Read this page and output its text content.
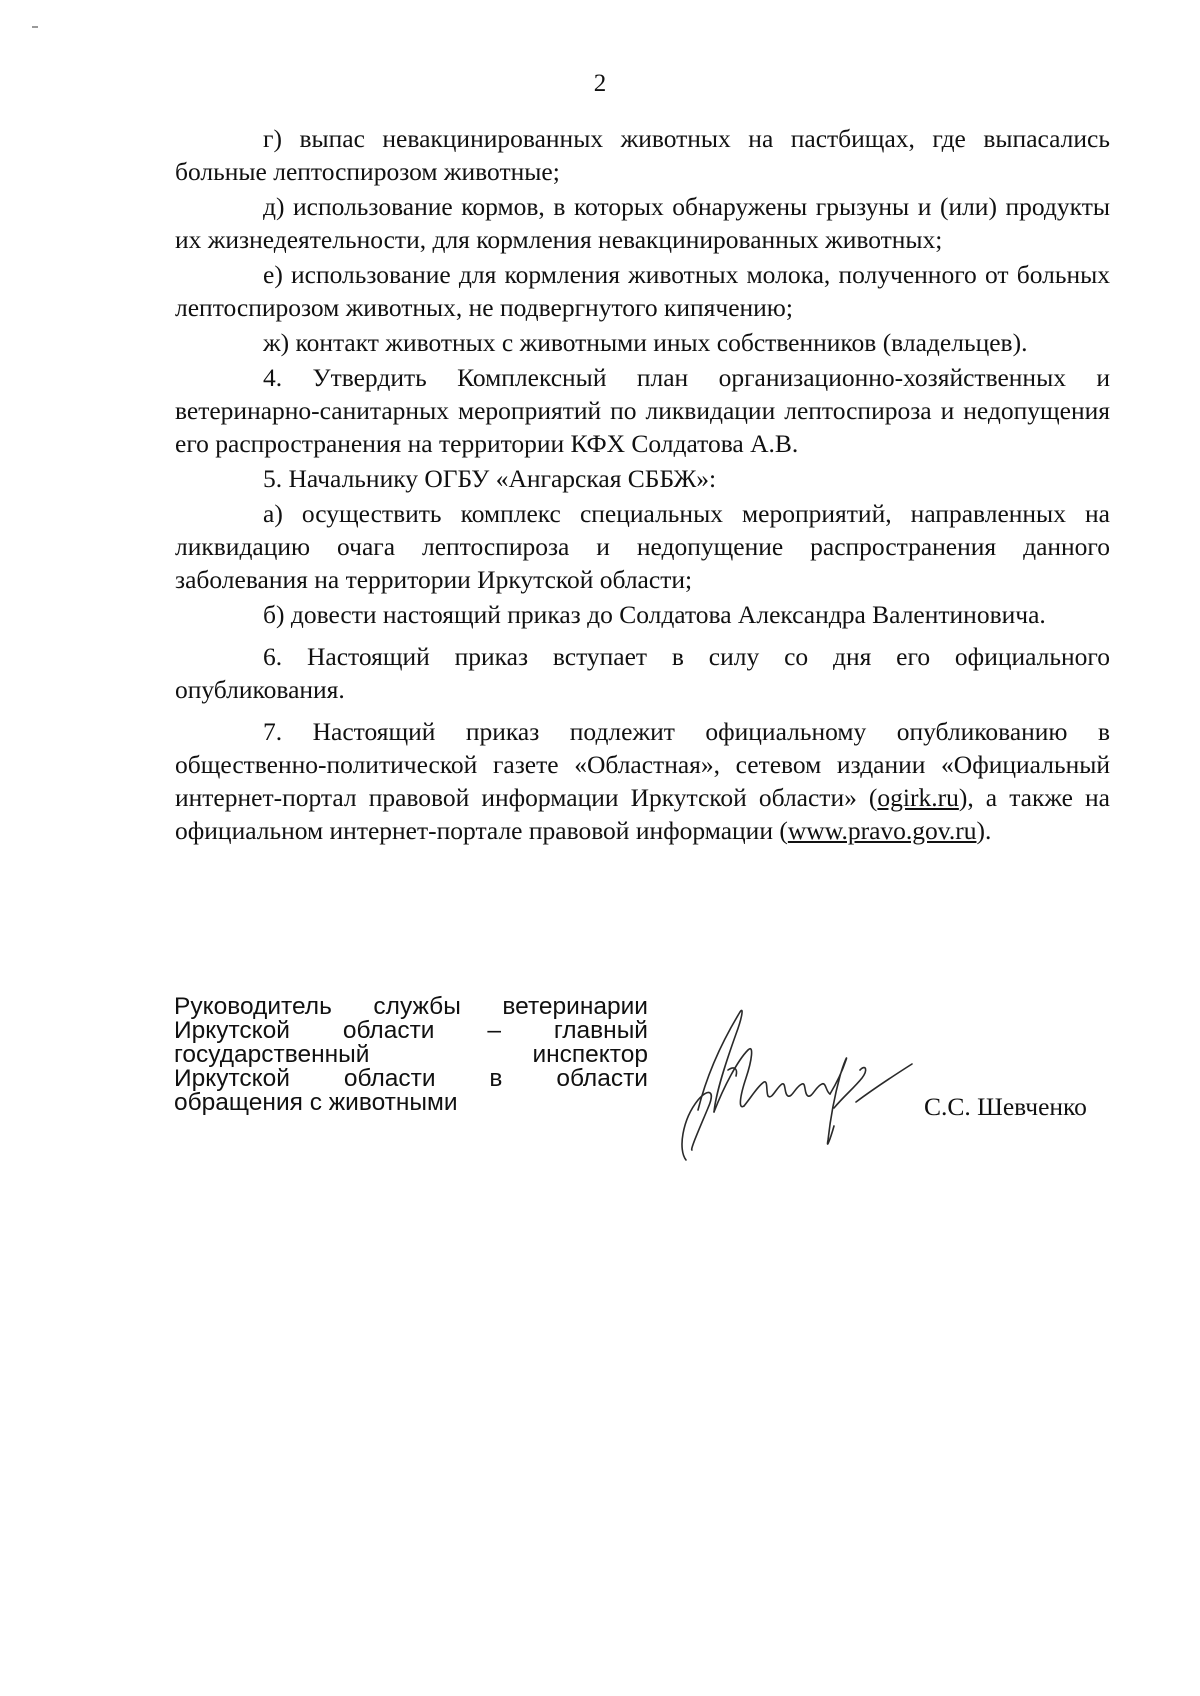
2

г) выпас невакцинированных животных на пастбищах, где выпасались больные лептоспирозом животные;

д) использование кормов, в которых обнаружены грызуны и (или) продукты их жизнедеятельности, для кормления невакцинированных животных;

е) использование для кормления животных молока, полученного от больных лептоспирозом животных, не подвергнутого кипячению;

ж) контакт животных с животными иных собственников (владельцев).

4. Утвердить Комплексный план организационно-хозяйственных и ветеринарно-санитарных мероприятий по ликвидации лептоспироза и недопущения его распространения на территории КФХ Солдатова А.В.

5. Начальнику ОГБУ «Ангарская СББЖ»:

а) осуществить комплекс специальных мероприятий, направленных на ликвидацию очага лептоспироза и недопущение распространения данного заболевания на территории Иркутской области;

б) довести настоящий приказ до Солдатова Александра Валентиновича.

6. Настоящий приказ вступает в силу со дня его официального опубликования.

7. Настоящий приказ подлежит официальному опубликованию в общественно-политической газете «Областная», сетевом издании «Официальный интернет-портал правовой информации Иркутской области» (ogirk.ru), а также на официальном интернет-портале правовой информации (www.pravo.gov.ru).

Руководитель службы ветеринарии
Иркутской области – главный
государственный инспектор
Иркутской области в области
обращения с животными	С.С. Шевченко
